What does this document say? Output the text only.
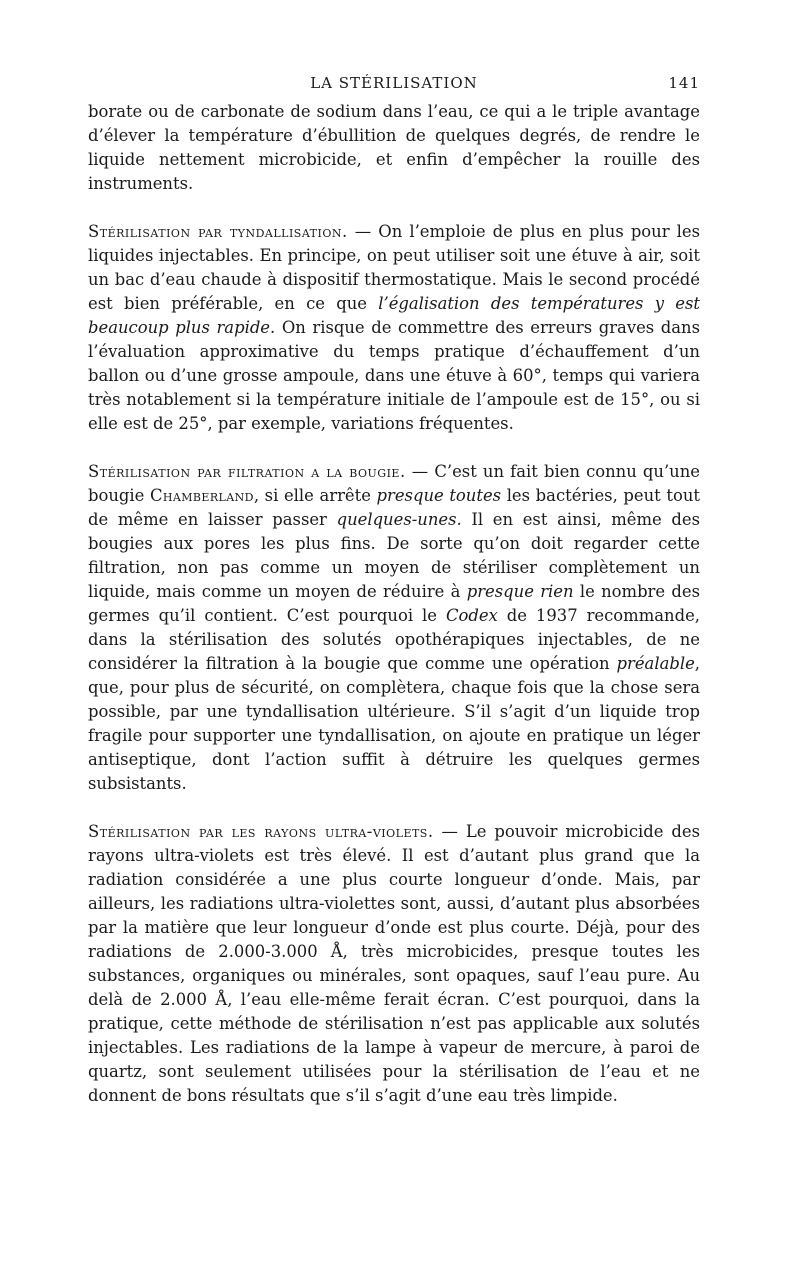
LA STÉRILISATION	141

borate ou de carbonate de sodium dans l’eau, ce qui a le triple avantage d’élever la température d’ébullition de quelques degrés, de rendre le liquide nettement microbicide, et enfin d’empêcher la rouille des instruments.

Stérilisation par tyndallisation. — On l’emploie de plus en plus pour les liquides injectables. En principe, on peut utiliser soit une étuve à air, soit un bac d’eau chaude à dispositif thermostatique. Mais le second procédé est bien préférable, en ce que l’égalisation des températures y est beaucoup plus rapide. On risque de commettre des erreurs graves dans l’évaluation approximative du temps pratique d’échauffement d’un ballon ou d’une grosse ampoule, dans une étuve à 60°, temps qui variera très notablement si la température initiale de l’ampoule est de 15°, ou si elle est de 25°, par exemple, variations fréquentes.

Stérilisation par filtration a la bougie. — C’est un fait bien connu qu’une bougie Chamberland, si elle arrête presque toutes les bactéries, peut tout de même en laisser passer quelques-unes. Il en est ainsi, même des bougies aux pores les plus fins. De sorte qu’on doit regarder cette filtration, non pas comme un moyen de stériliser complètement un liquide, mais comme un moyen de réduire à presque rien le nombre des germes qu’il contient. C’est pourquoi le Codex de 1937 recommande, dans la stérilisation des solutés opothérapiques injectables, de ne considérer la filtration à la bougie que comme une opération préalable, que, pour plus de sécurité, on complètera, chaque fois que la chose sera possible, par une tyndallisation ultérieure. S’il s’agit d’un liquide trop fragile pour supporter une tyndallisation, on ajoute en pratique un léger antiseptique, dont l’action suffit à détruire les quelques germes subsistants.

Stérilisation par les rayons ultra-violets. — Le pouvoir microbicide des rayons ultra-violets est très élevé. Il est d’autant plus grand que la radiation considérée a une plus courte longueur d’onde. Mais, par ailleurs, les radiations ultra-violettes sont, aussi, d’autant plus absorbées par la matière que leur longueur d’onde est plus courte. Déjà, pour des radiations de 2.000-3.000 Å, très microbicides, presque toutes les substances, organiques ou minérales, sont opaques, sauf l’eau pure. Au delà de 2.000 Å, l’eau elle-même ferait écran. C’est pourquoi, dans la pratique, cette méthode de stérilisation n’est pas applicable aux solutés injectables. Les radiations de la lampe à vapeur de mercure, à paroi de quartz, sont seulement utilisées pour la stérilisation de l’eau et ne donnent de bons résultats que s’il s’agit d’une eau très limpide.
